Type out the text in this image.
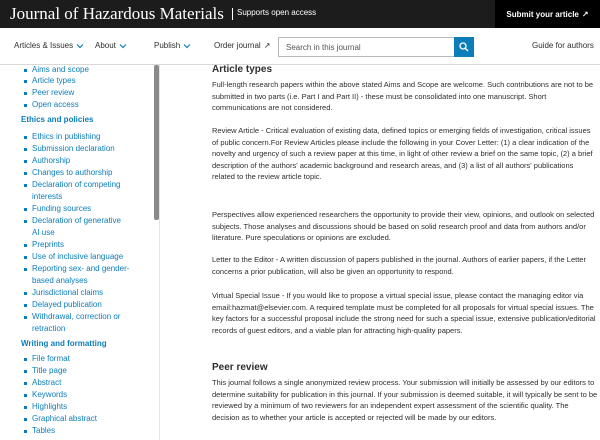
Journal of Hazardous Materials Supports open access	Submit your article ↗
Articles & Issues	About	Publish	Order journal ↗
Search in this journal	Guide for authors
Aims and scope
Article types
Peer review
Open access
Ethics and policies
Ethics in publishing
Submission declaration
Authorship
Changes to authorship
Declaration of competing
interests
Funding sources
Declaration of generative
AI use
Preprints
Use of inclusive language
Reporting sex- and gender-
based analyses
Jurisdictional claims
Delayed publication
Withdrawal, correction or
retraction
Writing and formatting
File format
Title page
Abstract
Keywords
Highlights
Graphical abstract
Tables
Article types
Full-length research papers within the above stated Aims and Scope are welcome. Such contributions are not to be submitted in two parts (i.e. Part I and Part II) - these must be consolidated into one manuscript. Short communications are not considered.
Review Article - Critical evaluation of existing data, defined topics or emerging fields of investigation, critical issues of public concern.For Review Articles please include the following in your Cover Letter: (1) a clear indication of the novelty and urgency of such a review paper at this time, in light of other review a brief on the same topic, (2) a brief description of the authors' academic background and research areas, and (3) a list of all authors' publications related to the review article topic.
Perspectives allow experienced researchers the opportunity to provide their view, opinions, and outlook on selected subjects. Those analyses and discussions should be based on solid research proof and data from authors and/or literature. Pure speculations or opinions are excluded.
Letter to the Editor - A written discussion of papers published in the journal. Authors of earlier papers, if the Letter concerns a prior publication, will also be given an opportunity to respond.
Virtual Special Issue - If you would like to propose a virtual special issue, please contact the managing editor via email:hazmat@elsevier.com. A required template must be completed for all proposals for virtual special issues. The key factors for a successful proposal include the strong need for such a special issue, extensive publication/editorial records of guest editors, and a viable plan for attracting high-quality papers.
Peer review
This journal follows a single anonymized review process. Your submission will initially be assessed by our editors to determine suitability for publication in this journal. If your submission is deemed suitable, it will typically be sent to be reviewed by a minimum of two reviewers for an independent expert assessment of the scientific quality. The decision as to whether your article is accepted or rejected will be made by our editors.
